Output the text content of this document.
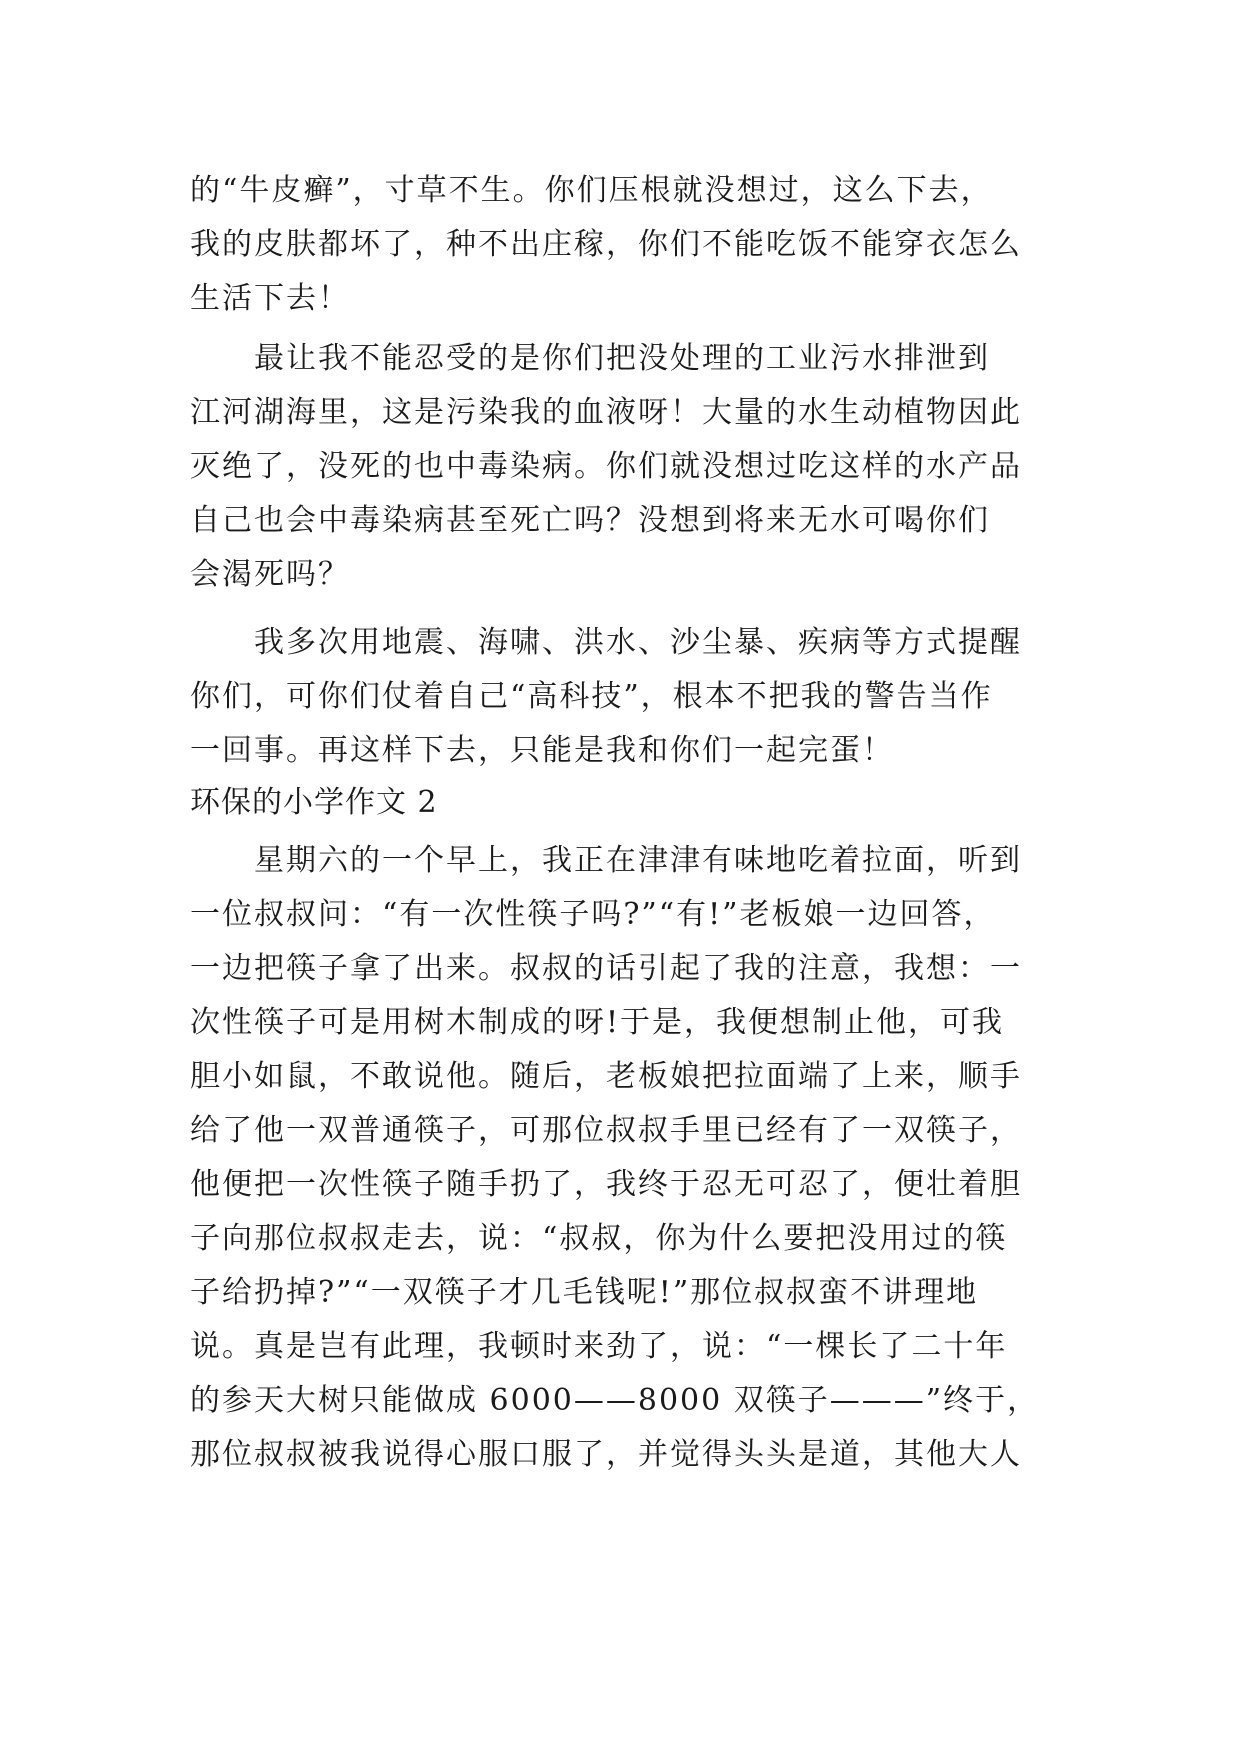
的“牛皮癣”，寸草不生。你们压根就没想过，这么下去，
我的皮肤都坏了，种不出庄稼，你们不能吃饭不能穿衣怎么
生活下去！
　　最让我不能忍受的是你们把没处理的工业污水排泄到
江河湖海里，这是污染我的血液呀！大量的水生动植物因此
灭绝了，没死的也中毒染病。你们就没想过吃这样的水产品
自己也会中毒染病甚至死亡吗？没想到将来无水可喝你们
会渴死吗？
　　我多次用地震、海啸、洪水、沙尘暴、疾病等方式提醒
你们，可你们仗着自己“高科技”，根本不把我的警告当作
一回事。再这样下去，只能是我和你们一起完蛋！
环保的小学作文 2
　　星期六的一个早上，我正在津津有味地吃着拉面，听到
一位叔叔问：“有一次性筷子吗?”“有!”老板娘一边回答，
一边把筷子拿了出来。叔叔的话引起了我的注意，我想：一
次性筷子可是用树木制成的呀!于是，我便想制止他，可我
胆小如鼠，不敢说他。随后，老板娘把拉面端了上来，顺手
给了他一双普通筷子，可那位叔叔手里已经有了一双筷子，
他便把一次性筷子随手扔了，我终于忍无可忍了，便壮着胆
子向那位叔叔走去，说：“叔叔，你为什么要把没用过的筷
子给扔掉?”“一双筷子才几毛钱呢!”那位叔叔蛮不讲理地
说。真是岂有此理，我顿时来劲了，说：“一棵长了二十年
的参天大树只能做成 6000——8000 双筷子———”终于，
那位叔叔被我说得心服口服了，并觉得头头是道，其他大人
